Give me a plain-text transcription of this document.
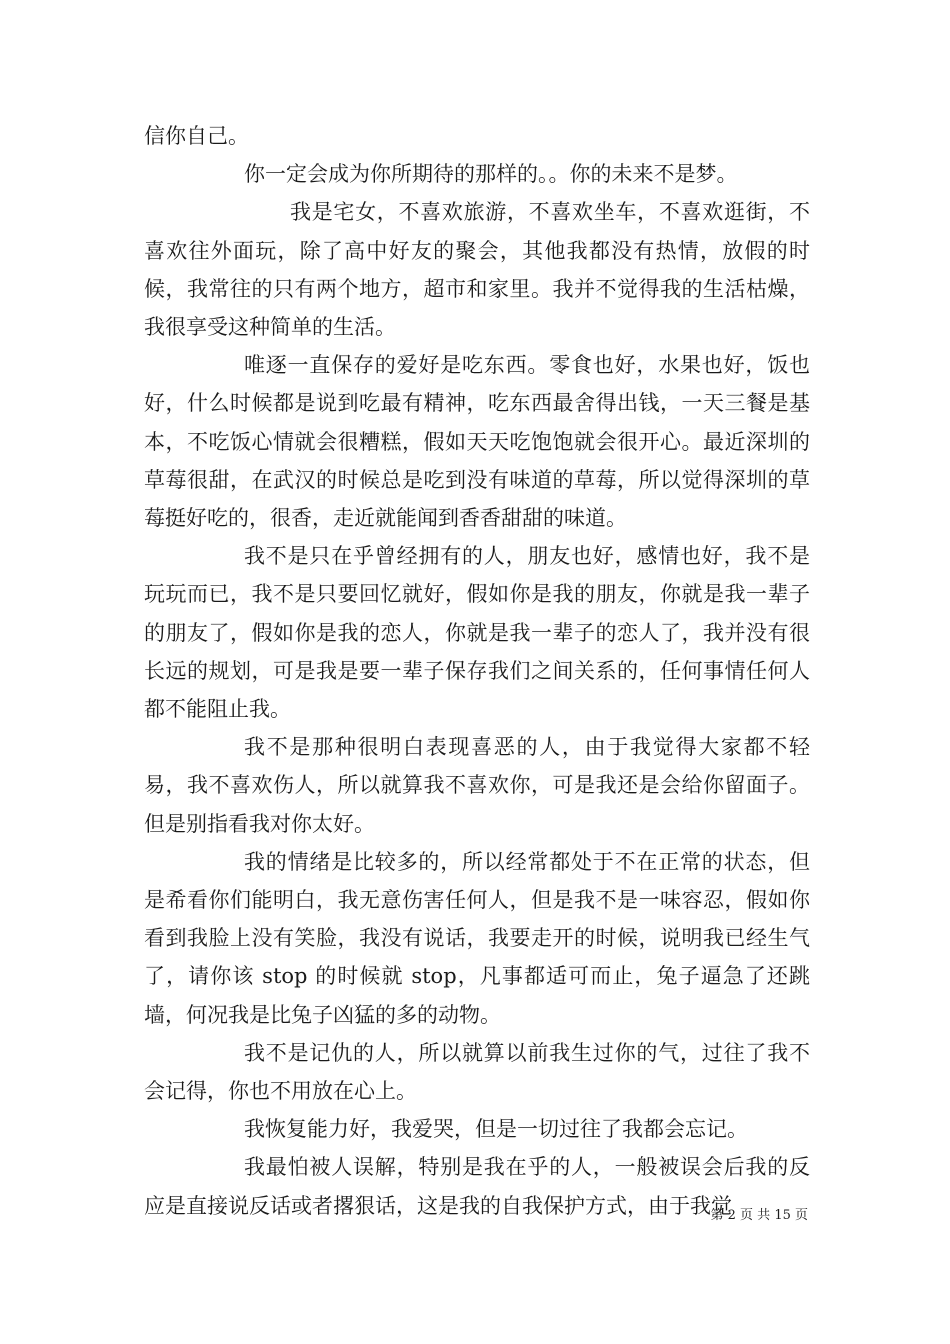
信你自己。

你一定会成为你所期待的那样的。。你的未来不是梦。

我是宅女，不喜欢旅游，不喜欢坐车，不喜欢逛街，不喜欢往外面玩，除了高中好友的聚会，其他我都没有热情，放假的时候，我常往的只有两个地方，超市和家里。我并不觉得我的生活枯燥，我很享受这种简单的生活。

唯逐一直保存的爱好是吃东西。零食也好，水果也好，饭也好，什么时候都是说到吃最有精神，吃东西最舍得出钱，一天三餐是基本，不吃饭心情就会很糟糕，假如天天吃饱饱就会很开心。最近深圳的草莓很甜，在武汉的时候总是吃到没有味道的草莓，所以觉得深圳的草莓挺好吃的，很香，走近就能闻到香香甜甜的味道。

我不是只在乎曾经拥有的人，朋友也好，感情也好，我不是玩玩而已，我不是只要回忆就好，假如你是我的朋友，你就是我一辈子的朋友了，假如你是我的恋人，你就是我一辈子的恋人了，我并没有很长远的规划，可是我是要一辈子保存我们之间关系的，任何事情任何人都不能阻止我。

我不是那种很明白表现喜恶的人，由于我觉得大家都不轻易，我不喜欢伤人，所以就算我不喜欢你，可是我还是会给你留面子。但是别指看我对你太好。

我的情绪是比较多的，所以经常都处于不在正常的状态，但是希看你们能明白，我无意伤害任何人，但是我不是一味容忍，假如你看到我脸上没有笑脸，我没有说话，我要走开的时候，说明我已经生气了，请你该 stop 的时候就 stop，凡事都适可而止，兔子逼急了还跳墙，何况我是比兔子凶猛的多的动物。

我不是记仇的人，所以就算以前我生过你的气，过往了我不会记得，你也不用放在心上。

我恢复能力好，我爱哭，但是一切过往了我都会忘记。

我最怕被人误解，特别是我在乎的人，一般被误会后我的反应是直接说反话或者撂狠话，这是我的自我保护方式，由于我觉

第 2 页 共 15 页
